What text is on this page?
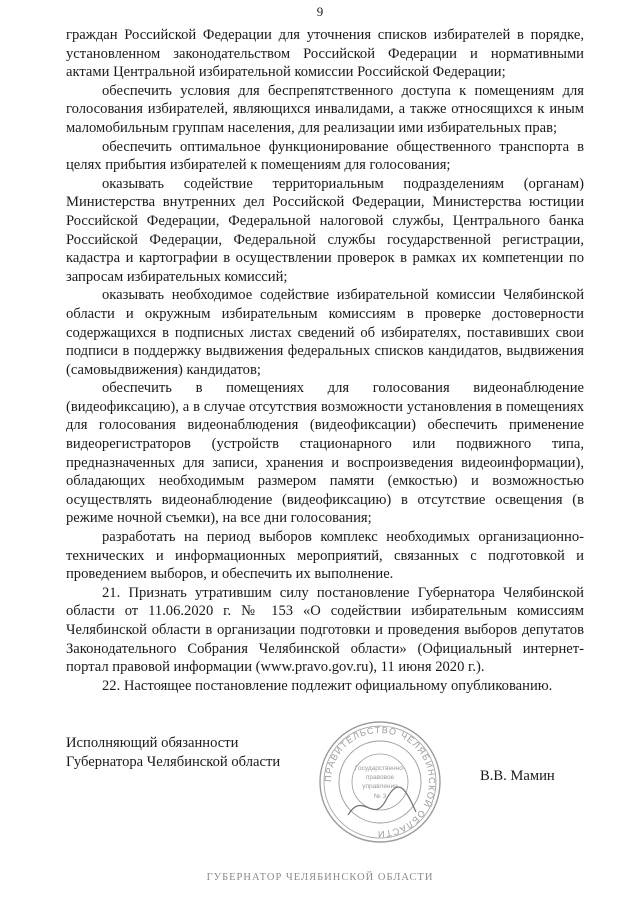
9

граждан Российской Федерации для уточнения списков избирателей в порядке, установленном законодательством Российской Федерации и нормативными актами Центральной избирательной комиссии Российской Федерации;

обеспечить условия для беспрепятственного доступа к помещениям для голосования избирателей, являющихся инвалидами, а также относящихся к иным маломобильным группам населения, для реализации ими избирательных прав;

обеспечить оптимальное функционирование общественного транспорта в целях прибытия избирателей к помещениям для голосования;

оказывать содействие территориальным подразделениям (органам) Министерства внутренних дел Российской Федерации, Министерства юстиции Российской Федерации, Федеральной налоговой службы, Центрального банка Российской Федерации, Федеральной службы государственной регистрации, кадастра и картографии в осуществлении проверок в рамках их компетенции по запросам избирательных комиссий;

оказывать необходимое содействие избирательной комиссии Челябинской области и окружным избирательным комиссиям в проверке достоверности содержащихся в подписных листах сведений об избирателях, поставивших свои подписи в поддержку выдвижения федеральных списков кандидатов, выдвижения (самовыдвижения) кандидатов;

обеспечить в помещениях для голосования видеонаблюдение (видеофиксацию), а в случае отсутствия возможности установления в помещениях для голосования видеонаблюдения (видеофиксации) обеспечить применение видеорегистраторов (устройств стационарного или подвижного типа, предназначенных для записи, хранения и воспроизведения видеоинформации), обладающих необходимым размером памяти (емкостью) и возможностью осуществлять видеонаблюдение (видеофиксацию) в отсутствие освещения (в режиме ночной съемки), на все дни голосования;

разработать на период выборов комплекс необходимых организационно-технических и информационных мероприятий, связанных с подготовкой и проведением выборов, и обеспечить их выполнение.

21. Признать утратившим силу постановление Губернатора Челябинской области от 11.06.2020 г. № 153 «О содействии избирательным комиссиям Челябинской области в организации подготовки и проведения выборов депутатов Законодательного Собрания Челябинской области» (Официальный интернет-портал правовой информации (www.pravo.gov.ru), 11 июня 2020 г.).

22. Настоящее постановление подлежит официальному опубликованию.

Исполняющий обязанности
Губернатора Челябинской области
ПРАВИТЕЛЬСТВО ЧЕЛЯБИНСКОЙ ОБЛАСТИ
Государственно-
правовое
управление
№ 3
В.В. Мамин
ГУБЕРНАТОР ЧЕЛЯБИНСКОЙ ОБЛАСТИ
